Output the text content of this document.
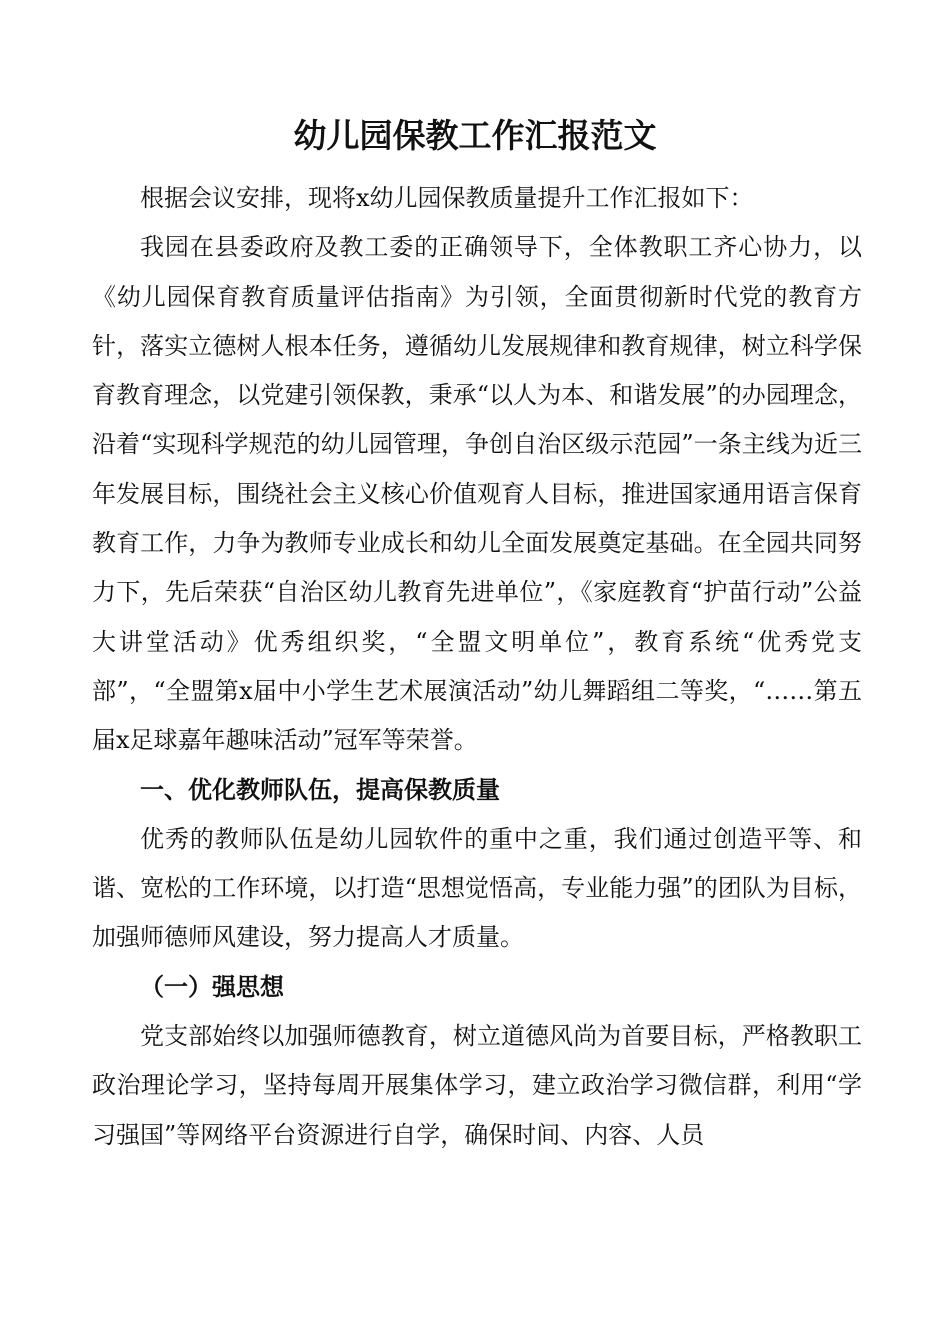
幼儿园保教工作汇报范文

根据会议安排，现将x幼儿园保教质量提升工作汇报如下：

我园在县委政府及教工委的正确领导下，全体教职工齐心协力，以《幼儿园保育教育质量评估指南》为引领，全面贯彻新时代党的教育方针，落实立德树人根本任务，遵循幼儿发展规律和教育规律，树立科学保育教育理念，以党建引领保教，秉承“以人为本、和谐发展”的办园理念，沿着“实现科学规范的幼儿园管理，争创自治区级示范园”一条主线为近三年发展目标，围绕社会主义核心价值观育人目标，推进国家通用语言保育教育工作，力争为教师专业成长和幼儿全面发展奠定基础。在全园共同努力下，先后荣获“自治区幼儿教育先进单位”，《家庭教育“护苗行动”公益大讲堂活动》优秀组织奖，“全盟文明单位”，教育系统“优秀党支部”，“全盟第x届中小学生艺术展演活动”幼儿舞蹈组二等奖，“……第五届x足球嘉年趣味活动”冠军等荣誉。

一、优化教师队伍，提高保教质量

优秀的教师队伍是幼儿园软件的重中之重，我们通过创造平等、和谐、宽松的工作环境，以打造“思想觉悟高，专业能力强”的团队为目标，加强师德师风建设，努力提高人才质量。

（一）强思想

党支部始终以加强师德教育，树立道德风尚为首要目标，严格教职工政治理论学习，坚持每周开展集体学习，建立政治学习微信群，利用“学习强国”等网络平台资源进行自学，确保时间、内容、人员
